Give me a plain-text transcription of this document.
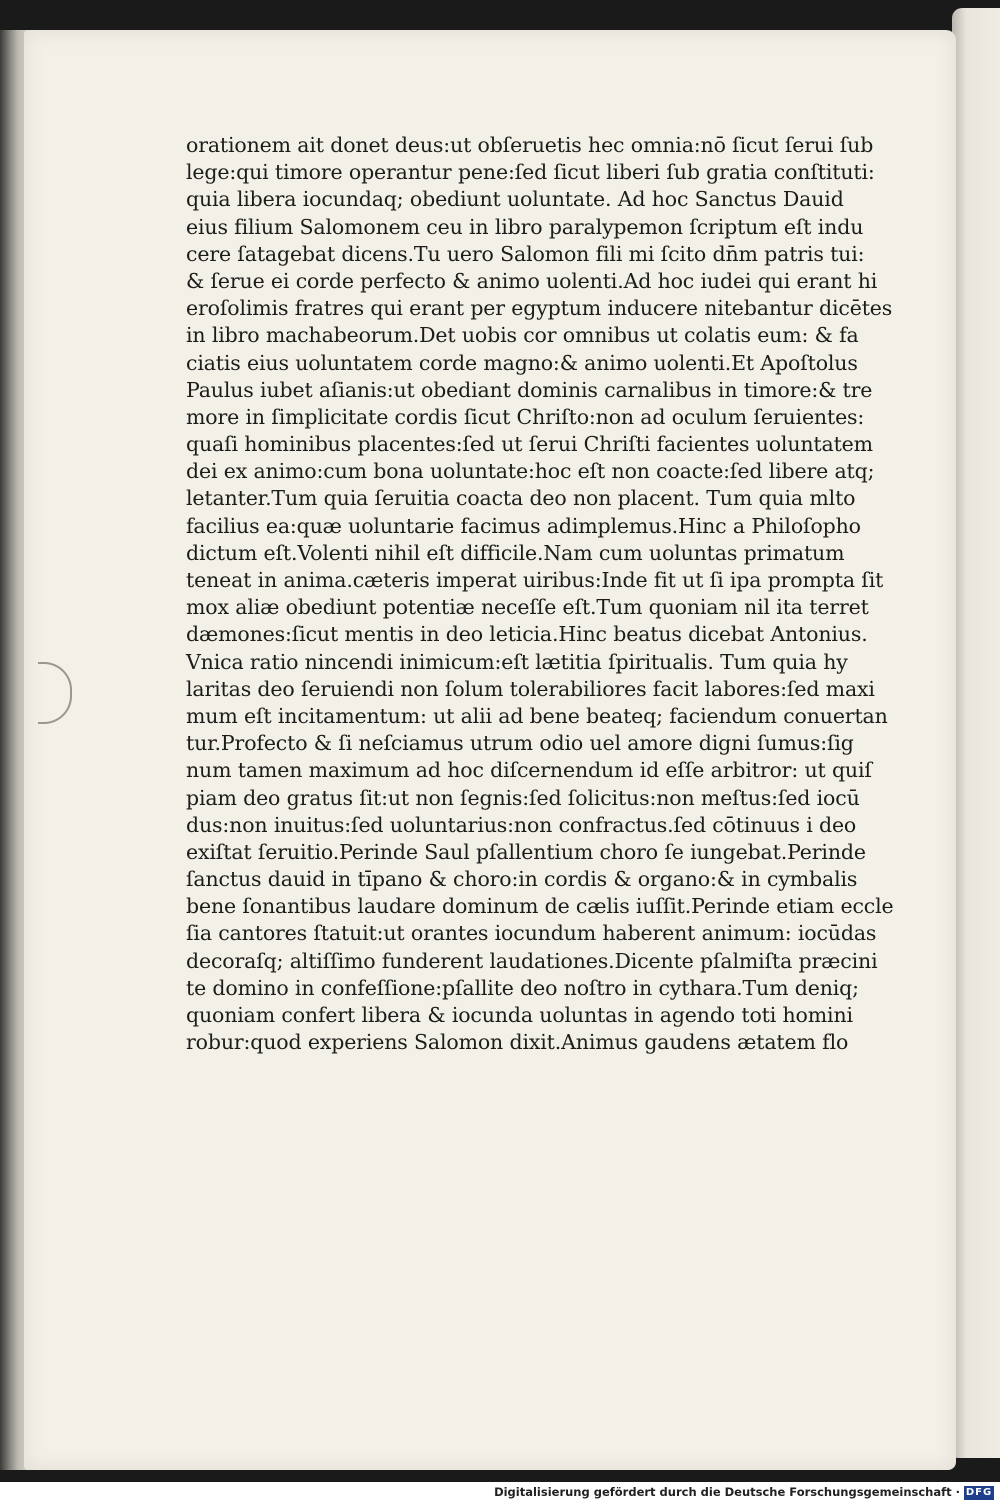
orationem ait donet deus:ut obſeruetis hec omnia:nō ſicut ſerui ſub
lege:qui timore operantur pene:ſed ſicut liberi ſub gratia conſtituti:
quia libera iocundaq; obediunt uoluntate. Ad hoc Sanctus Dauid
eius filium Salomonem ceu in libro paralypemon ſcriptum eſt indu
cere ſatagebat dicens.Tu uero Salomon fili mi ſcito dn̄m patris tui:
& ſerue ei corde perfecto & animo uolenti.Ad hoc iudei qui erant hi
eroſolimis fratres qui erant per egyptum inducere nitebantur dicētes
in libro machabeorum.Det uobis cor omnibus ut colatis eum: & fa
ciatis eius uoluntatem corde magno:& animo uolenti.Et Apoſtolus
Paulus iubet aſianis:ut obediant dominis carnalibus in timore:& tre
more in ſimplicitate cordis ſicut Chriſto:non ad oculum ſeruientes:
quaſi hominibus placentes:ſed ut ſerui Chriſti facientes uoluntatem
dei ex animo:cum bona uoluntate:hoc eſt non coacte:ſed libere atq;
letanter.Tum quia ſeruitia coacta deo non placent. Tum quia mlto
facilius ea:quæ uoluntarie facimus adimplemus.Hinc a Philoſopho
dictum eſt.Volenti nihil eſt difficile.Nam cum uoluntas primatum
teneat in anima.cæteris imperat uiribus:Inde fit ut ſi ipa prompta ſit
mox aliæ obediunt potentiæ neceſſe eſt.Tum quoniam nil ita terret
dæmones:ſicut mentis in deo leticia.Hinc beatus dicebat Antonius.
Vnica ratio nincendi inimicum:eſt lætitia ſpiritualis. Tum quia hy
laritas deo ſeruiendi non ſolum tolerabiliores facit labores:ſed maxi
mum eſt incitamentum: ut alii ad bene beateq; faciendum conuertan
tur.Profecto & ſi neſciamus utrum odio uel amore digni ſumus:ſig
num tamen maximum ad hoc diſcernendum id eſſe arbitror: ut quiſ
piam deo gratus ſit:ut non ſegnis:ſed ſolicitus:non meſtus:ſed iocū
dus:non inuitus:ſed uoluntarius:non confractus.ſed cōtinuus i deo
exiſtat ſeruitio.Perinde Saul pſallentium choro ſe iungebat.Perinde
ſanctus dauid in tīpano & choro:in cordis & organo:& in cymbalis
bene ſonantibus laudare dominum de cælis iuſſit.Perinde etiam eccle
ſia cantores ſtatuit:ut orantes iocundum haberent animum: iocūdas
decoraſq; altiſſimo funderent laudationes.Dicente pſalmiſta præcini
te domino in confeſſione:pſallite deo noſtro in cythara.Tum deniq;
quoniam confert libera & iocunda uoluntas in agendo toti homini
robur:quod experiens Salomon dixit.Animus gaudens ætatem flo
Digitalisierung gefördert durch die Deutsche Forschungsgemeinschaft · DFG
